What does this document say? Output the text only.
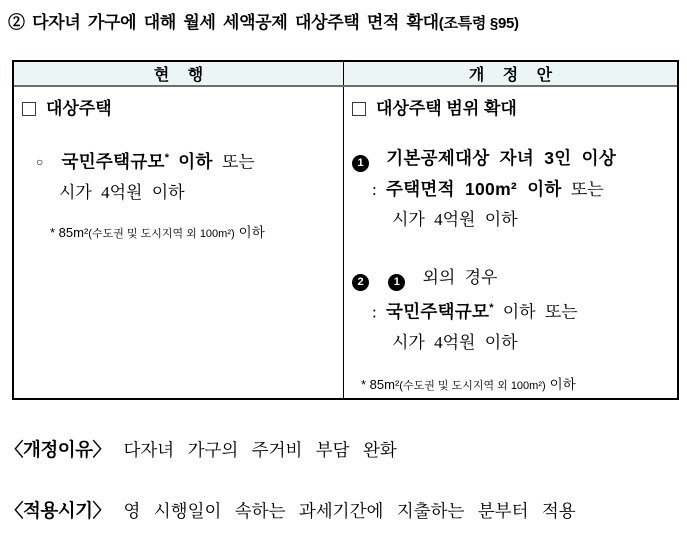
② 다자녀 가구에 대해 월세 세액공제 대상주택 면적 확대(조특령 §95)
현 행	개 정 안
대상주택
○ 국민주택규모* 이하 또는
시가 4억원 이하
* 85m²(수도권 및 도시지역 외 100m²) 이하
대상주택 범위 확대
1 기본공제대상 자녀 3인 이상
: 주택면적 100m² 이하 또는
시가 4억원 이하
2	1 외의 경우
: 국민주택규모* 이하 또는
시가 4억원 이하
* 85m²(수도권 및 도시지역 외 100m²) 이하
〈개정이유〉 다자녀 가구의 주거비 부담 완화
〈적용시기〉 영 시행일이 속하는 과세기간에 지출하는 분부터 적용
